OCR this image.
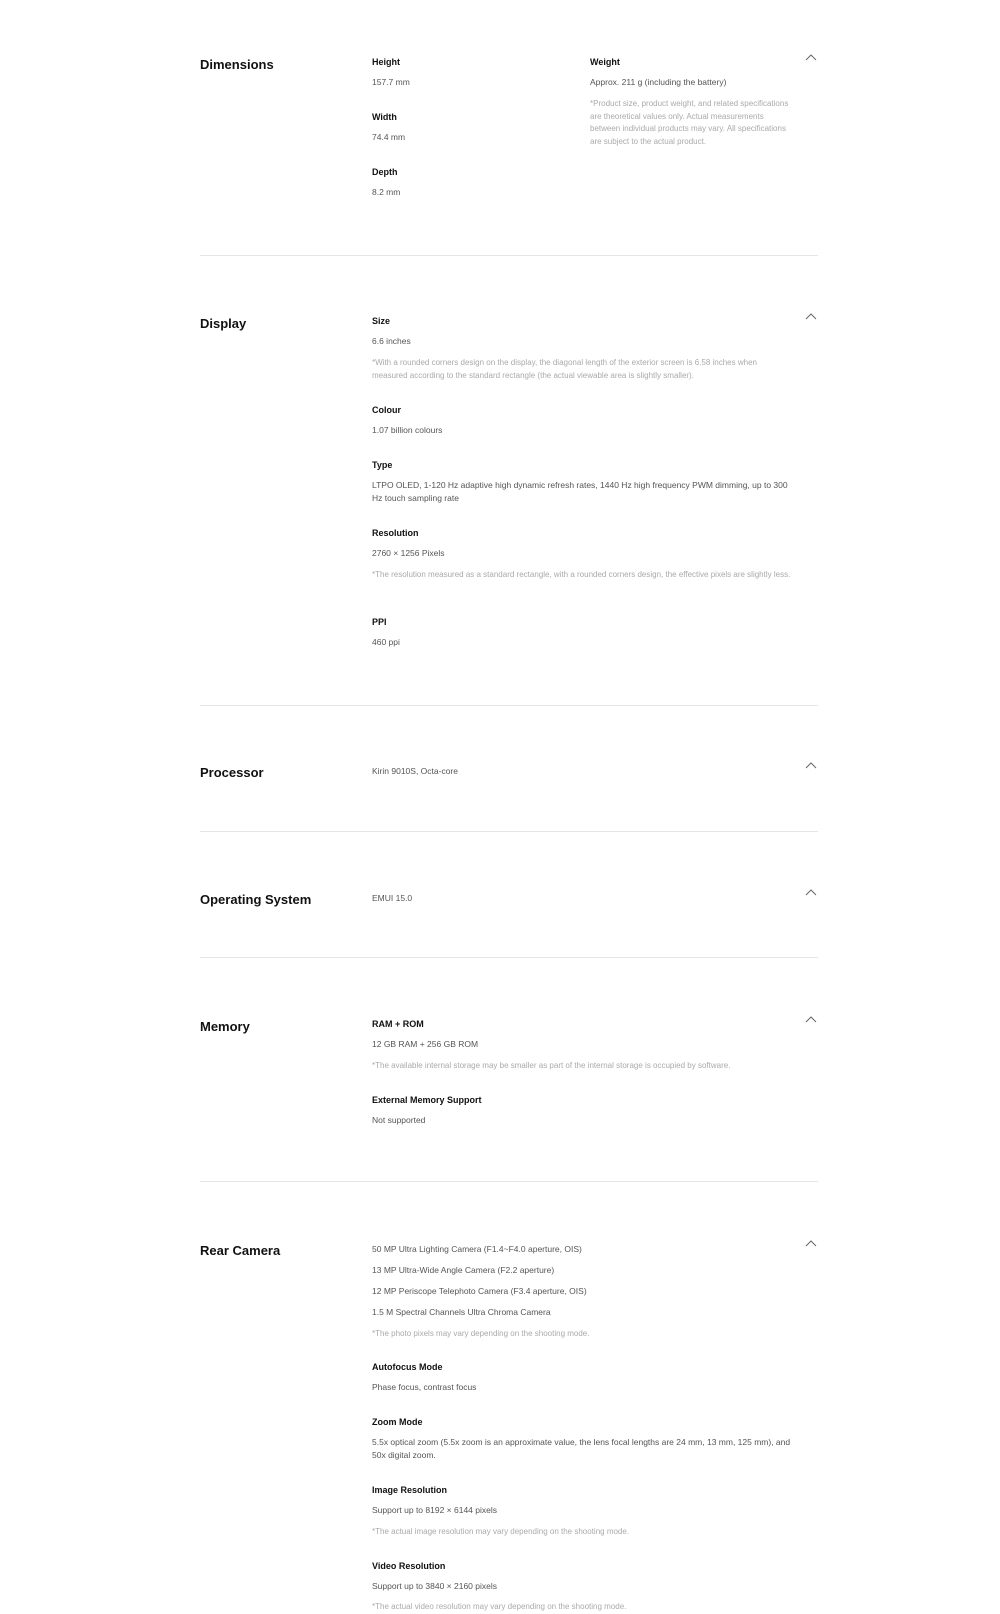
Dimensions	Height
157.7 mm
Width
74.4 mm
Depth
8.2 mm
Weight
Approx. 211 g (including the battery)
*Product size, product weight, and related specifications are theoretical values only. Actual measurements between individual products may vary. All specifications are subject to the actual product.
Display	Size
6.6 inches
*With a rounded corners design on the display, the diagonal length of the exterior screen is 6.58 inches when measured according to the standard rectangle (the actual viewable area is slightly smaller).
Colour
1.07 billion colours
Type
LTPO OLED, 1-120 Hz adaptive high dynamic refresh rates, 1440 Hz high frequency PWM dimming, up to 300 Hz touch sampling rate
Resolution
2760 × 1256 Pixels
*The resolution measured as a standard rectangle, with a rounded corners design, the effective pixels are slightly less.
PPI
460 ppi
Processor	Kirin 9010S, Octa-core
Operating System	EMUI 15.0
Memory	RAM + ROM
12 GB RAM + 256 GB ROM
*The available internal storage may be smaller as part of the internal storage is occupied by software.
External Memory Support
Not supported
Rear Camera	50 MP Ultra Lighting Camera (F1.4~F4.0 aperture, OIS)
13 MP Ultra-Wide Angle Camera (F2.2 aperture)
12 MP Periscope Telephoto Camera (F3.4 aperture, OIS)
1.5 M Spectral Channels Ultra Chroma Camera
*The photo pixels may vary depending on the shooting mode.
Autofocus Mode
Phase focus, contrast focus
Zoom Mode
5.5x optical zoom (5.5x zoom is an approximate value, the lens focal lengths are 24 mm, 13 mm, 125 mm), and 50x digital zoom.
Image Resolution
Support up to 8192 × 6144 pixels
*The actual image resolution may vary depending on the shooting mode.
Video Resolution
Support up to 3840 × 2160 pixels
*The actual video resolution may vary depending on the shooting mode.
